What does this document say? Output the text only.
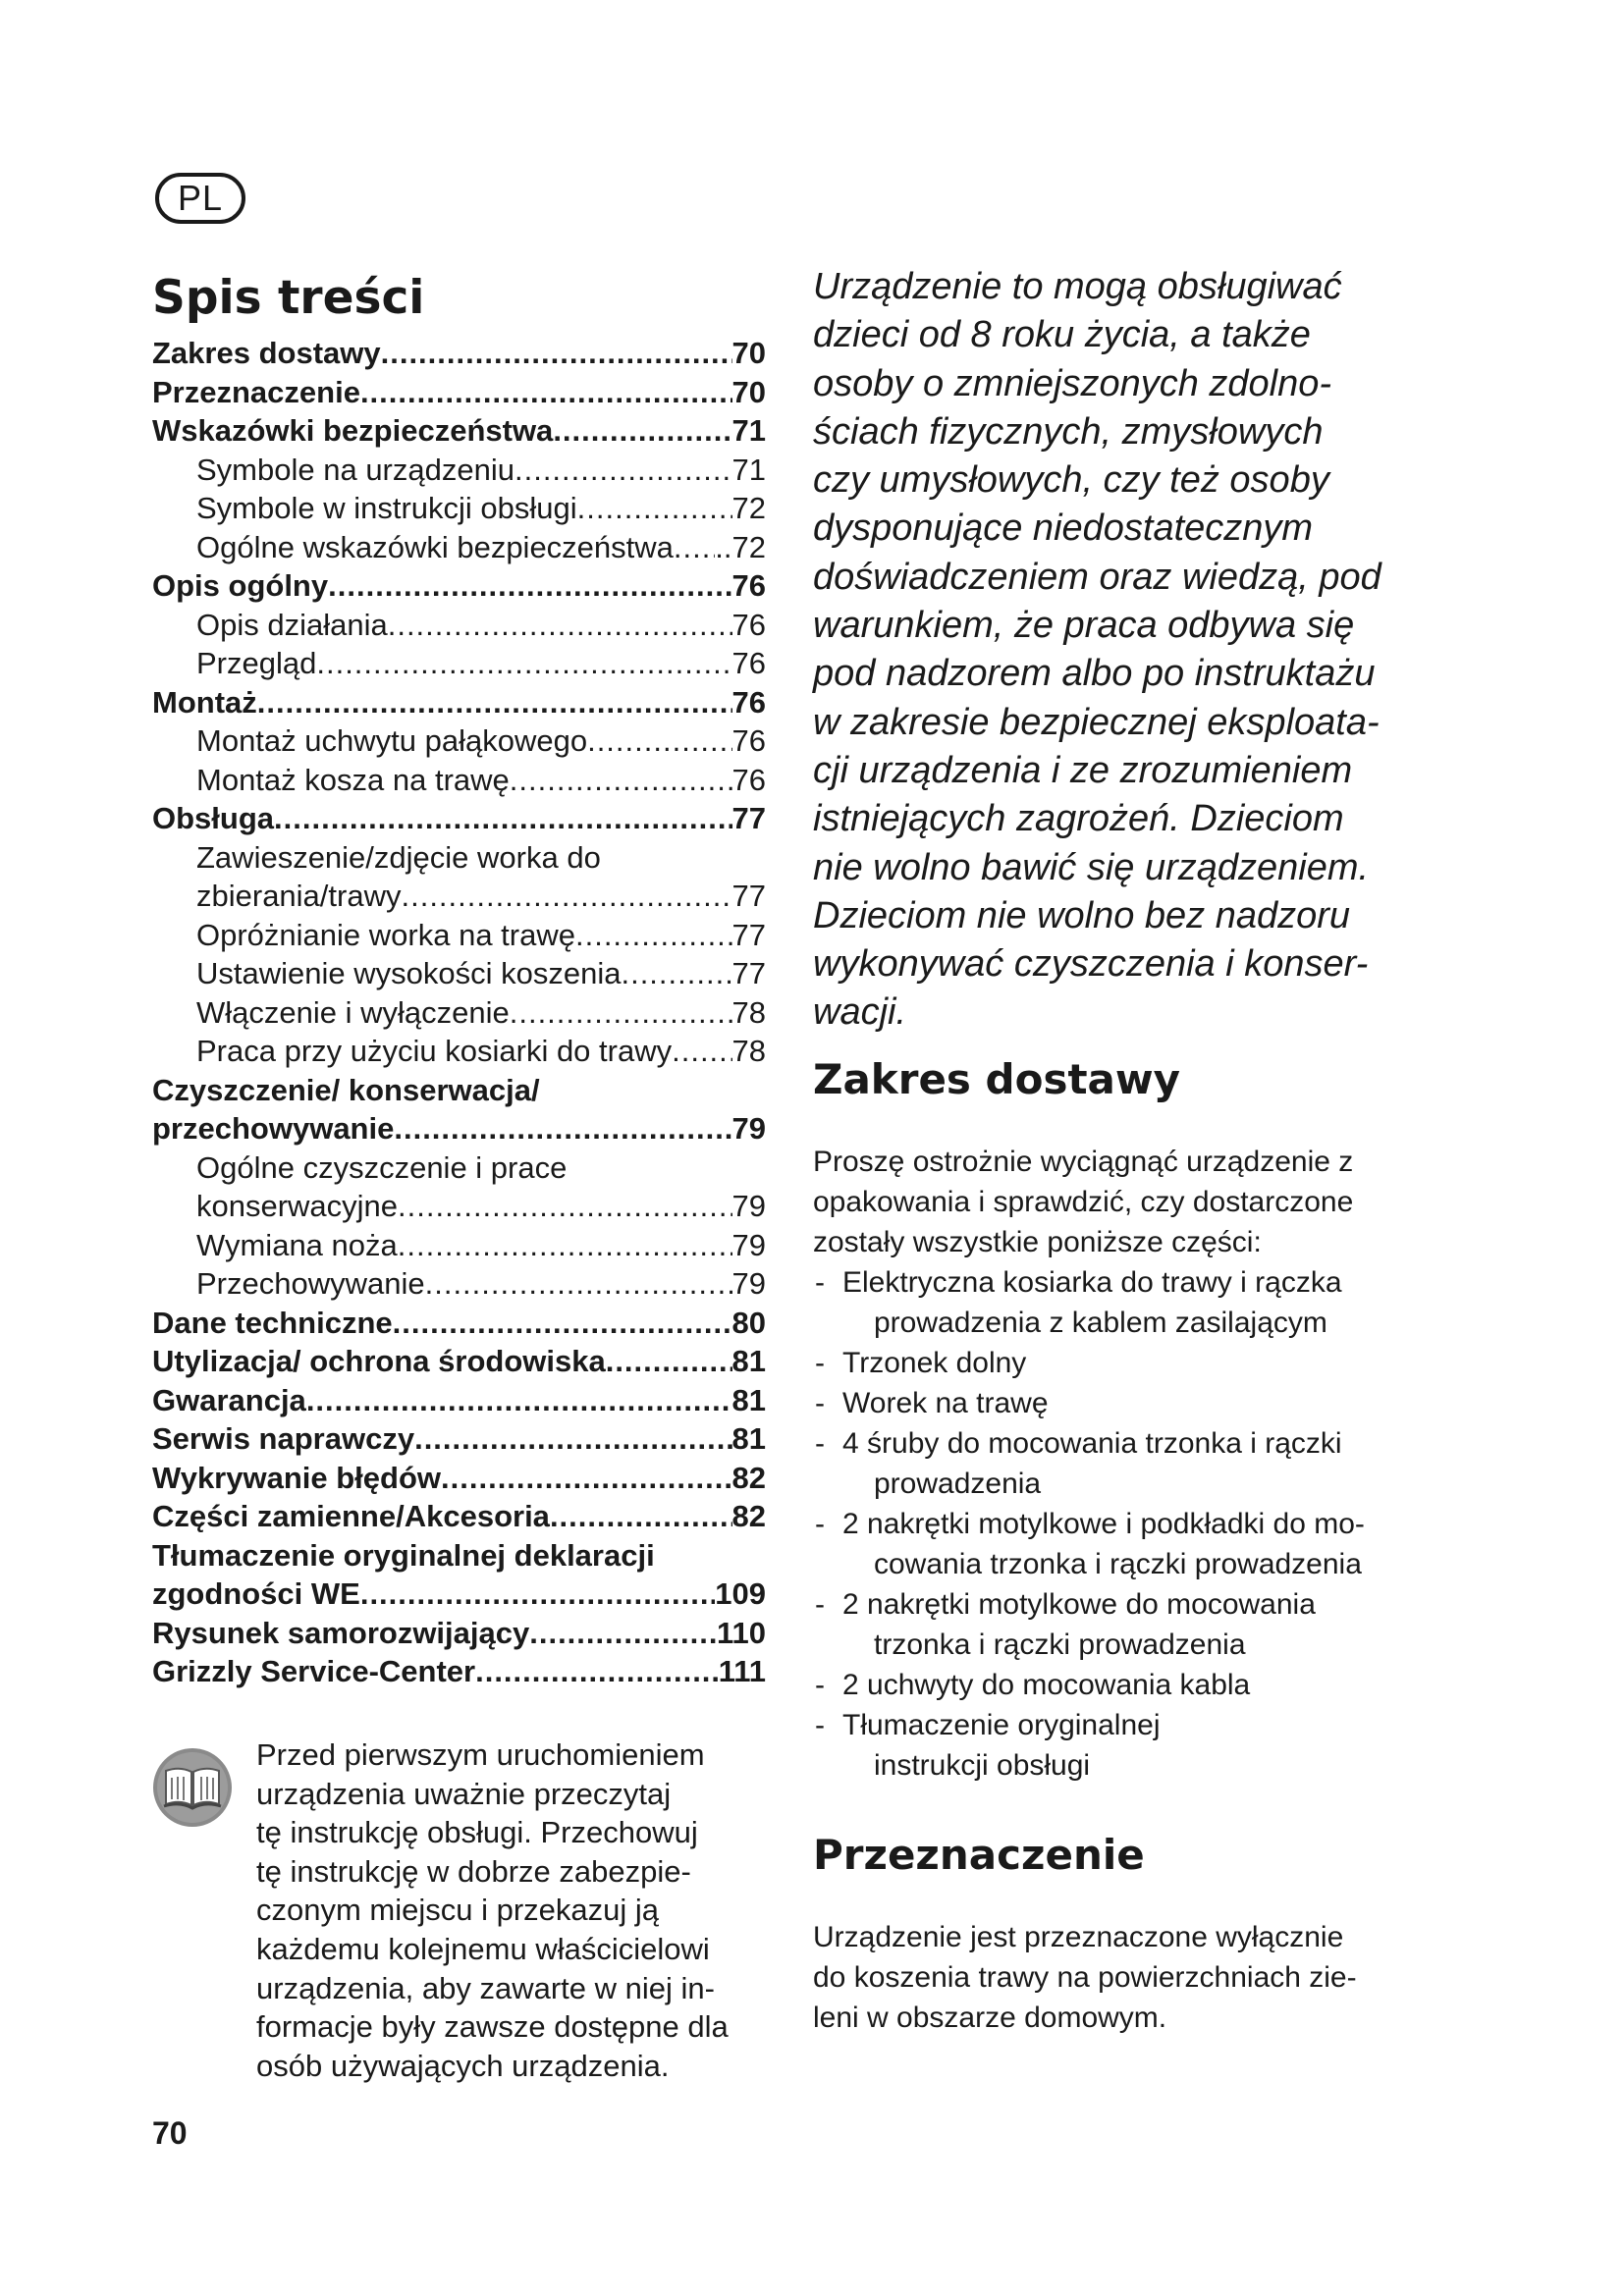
PL
Spis treści
Zakres dostawy .....	70
Przeznaczenie .....	70
Wskazówki bezpieczeństwa .....	71
Symbole na urządzeniu .....	71
Symbole w instrukcji obsługi .....	72
Ogólne wskazówki bezpieczeństwa ..... ..72
Opis ogólny .....	76
Opis działania .....	76
Przegląd .....	76
Montaż .....	76
Montaż uchwytu pałąkowego .....	76
Montaż kosza na trawę .....	76
Obsługa .....	77
Zawieszenie/zdjęcie worka do
zbierania/trawy .....	77
Opróżnianie worka na trawę .....	77
Ustawienie wysokości koszenia .....	77
Włączenie i wyłączenie .....	78
Praca przy użyciu kosiarki do trawy ..... 78
Czyszczenie/ konserwacja/
przechowywanie .....	79
Ogólne czyszczenie i prace
konserwacyjne .....	79
Wymiana noża .....	79
Przechowywanie .....	79
Dane techniczne .....	80
Utylizacja/ ochrona środowiska .....	81
Gwarancja .....	81
Serwis naprawczy .....	81
Wykrywanie błędów .....	82
Części zamienne/Akcesoria .....	82
Tłumaczenie oryginalnej deklaracji
zgodności WE .....	109
Rysunek samorozwijający .....	110
Grizzly Service-Center .....	111
Przed pierwszym uruchomieniem
urządzenia uważnie przeczytaj
tę instrukcję obsługi. Przechowuj
tę instrukcję w dobrze zabezpie-
czonym miejscu i przekazuj ją
każdemu kolejnemu właścicielowi
urządzenia, aby zawarte w niej in-
formacje były zawsze dostępne dla
osób używających urządzenia.
70

Urządzenie to mogą obsługiwać
dzieci od 8 roku życia, a także
osoby o zmniejszonych zdolno-
ściach fizycznych, zmysłowych
czy umysłowych, czy też osoby
dysponujące niedostatecznym
doświadczeniem oraz wiedzą, pod
warunkiem, że praca odbywa się
pod nadzorem albo po instruktażu
w zakresie bezpiecznej eksploata-
cji urządzenia i ze zrozumieniem
istniejących zagrożeń. Dzieciom
nie wolno bawić się urządzeniem.
Dzieciom nie wolno bez nadzoru
wykonywać czyszczenia i konser-
wacji.

Zakres dostawy
Proszę ostrożnie wyciągnąć urządzenie z
opakowania i sprawdzić, czy dostarczone
zostały wszystkie poniższe części:
- Elektryczna kosiarka do trawy i rączka
prowadzenia z kablem zasilającym
- Trzonek dolny
- Worek na trawę
- 4 śruby do mocowania trzonka i rączki
prowadzenia
- 2 nakrętki motylkowe i podkładki do mo-
cowania trzonka i rączki prowadzenia
- 2 nakrętki motylkowe do mocowania
trzonka i rączki prowadzenia
- 2 uchwyty do mocowania kabla
- Tłumaczenie oryginalnej
instrukcji obsługi
Przeznaczenie
Urządzenie jest przeznaczone wyłącznie
do koszenia trawy na powierzchniach zie-
leni w obszarze domowym.
